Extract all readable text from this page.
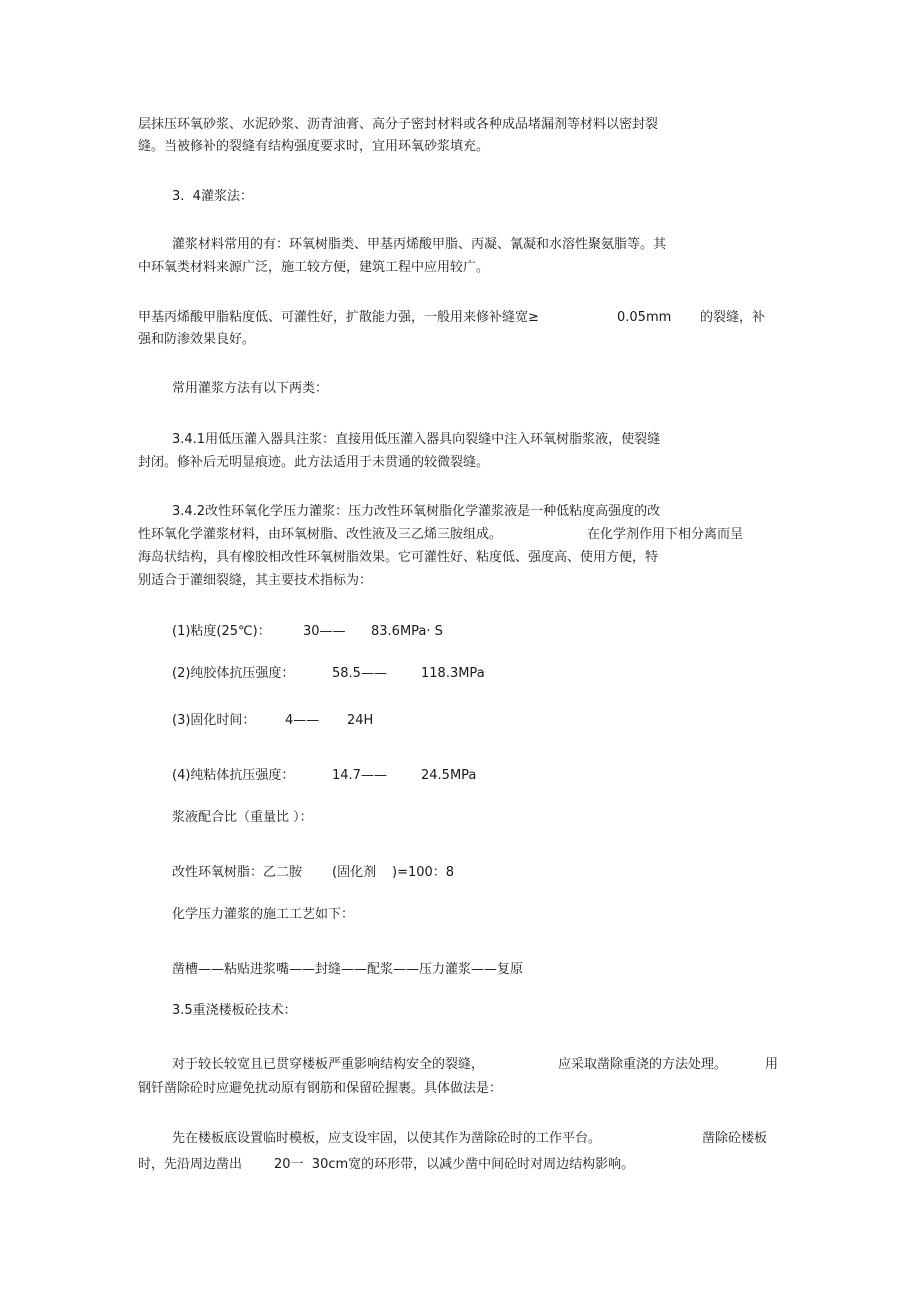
层抹压环氧砂浆、水泥砂浆、沥青油膏、高分子密封材料或各种成品堵漏剂等材料以密封裂
缝。当被修补的裂缝有结构强度要求时，宜用环氧砂浆填充。
3.  4灌浆法：
灌浆材料常用的有：环氧树脂类、甲基丙烯酸甲脂、丙凝、氰凝和水溶性聚氨脂等。其
中环氧类材料来源广泛，施工较方便，建筑工程中应用较广。
甲基丙烯酸甲脂粘度低、可灌性好，扩散能力强，一般用来修补缝宽≥	0.05mm 的裂缝，补
强和防渗效果良好。
常用灌浆方法有以下两类：
3.4.1用低压灌入器具注浆：直接用低压灌入器具向裂缝中注入环氧树脂浆液，使裂缝
封闭。修补后无明显痕迹。此方法适用于未贯通的较微裂缝。
3.4.2改性环氧化学压力灌浆：压力改性环氧树脂化学灌浆液是一种低粘度高强度的改
性环氧化学灌浆材料，由环氧树脂、改性液及三乙烯三胺组成。	在化学剂作用下相分离而呈
海岛状结构，具有橡胶相改性环氧树脂效果。它可灌性好、粘度低、强度高、使用方便，特
别适合于灌细裂缝，其主要技术指标为：
(1)粘度(25℃)： 30—— 83.6MPa· S
(2)纯胶体抗压强度：	58.5——	118.3MPa
(3)固化时间： 4—— 24H
(4)纯粘体抗压强度：	14.7——	24.5MPa
浆液配合比（重量比 ）：
改性环氧树脂：乙二胺 (固化剂 )=100：8
化学压力灌浆的施工工艺如下：
凿槽——粘贴进浆嘴——封缝——配浆——压力灌浆——复原
3.5重浇楼板砼技术：
对于较长较宽且已贯穿楼板严重影响结构安全的裂缝，	应采取凿除重浇的方法处理。	用
钢钎凿除砼时应避免扰动原有钢筋和保留砼握裹。具体做法是：
先在楼板底设置临时模板，应支设牢固，以使其作为凿除砼时的工作平台。	凿除砼楼板
时，先沿周边凿出 20一  30cm宽的环形带，以减少凿中间砼时对周边结构影响。
